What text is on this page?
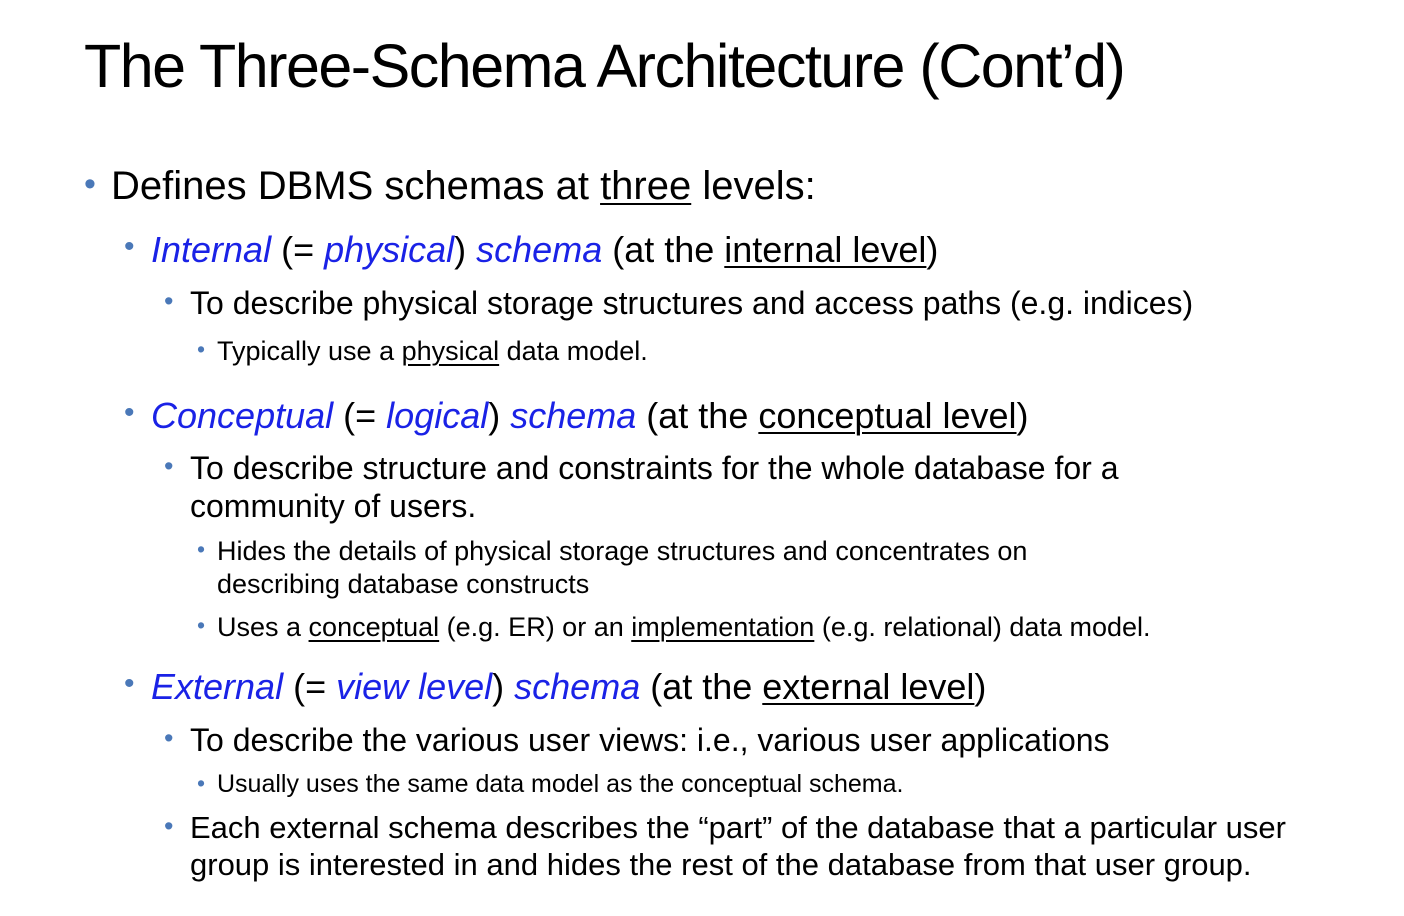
The Three-Schema Architecture (Cont’d)
• Defines DBMS schemas at three levels:
• Internal (= physical) schema (at the internal level)
• To describe physical storage structures and access paths (e.g. indices)
• Typically use a physical data model.
• Conceptual (= logical) schema (at the conceptual level)
• To describe structure and constraints for the whole database for a
community of users.
• Hides the details of physical storage structures and concentrates on
describing database constructs
• Uses a conceptual (e.g. ER) or an implementation (e.g. relational) data model.
• External (= view level) schema (at the external level)
• To describe the various user views: i.e., various user applications
• Usually uses the same data model as the conceptual schema.
• Each external schema describes the “part” of the database that a particular user
group is interested in and hides the rest of the database from that user group.
